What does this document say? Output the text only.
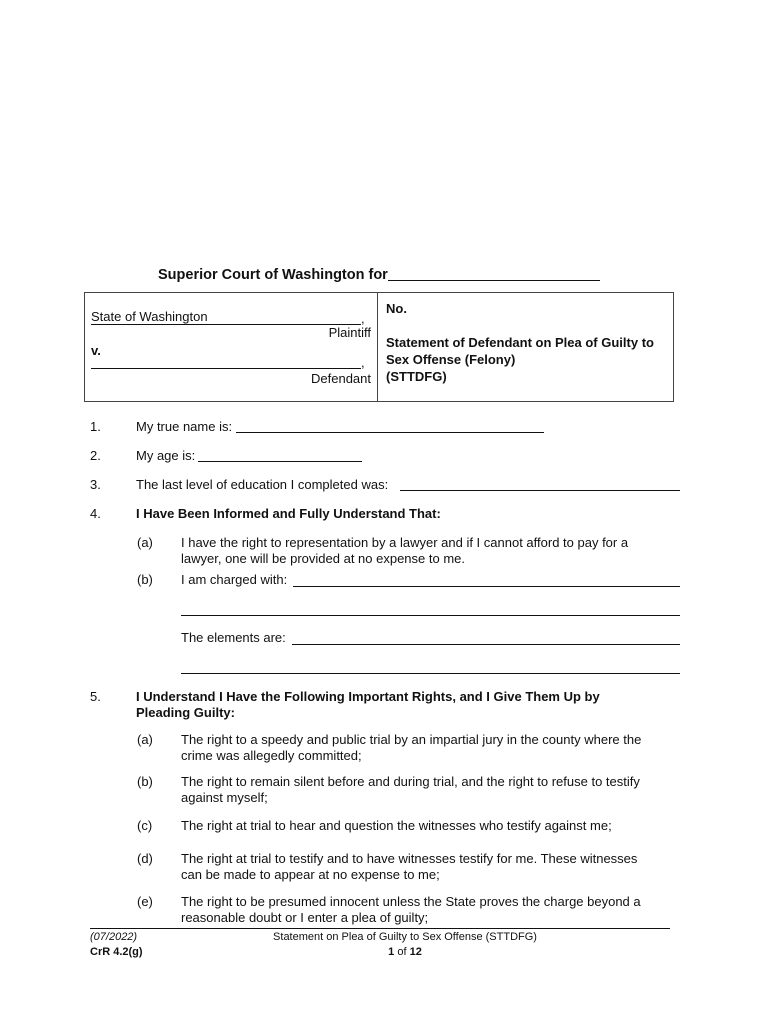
Superior Court of Washington for
State of Washington	,
Plaintiff
v.
,
Defendant
No.
Statement of Defendant on Plea of Guilty to
Sex Offense (Felony)
(STTDFG)
1.	My true name is:
2.	My age is:
3.	The last level of education I completed was:
4.	I Have Been Informed and Fully Understand That:
(a) I have the right to representation by a lawyer and if I cannot afford to pay for a
lawyer, one will be provided at no expense to me.
(b) I am charged with:
The elements are:
5.	I Understand I Have the Following Important Rights, and I Give Them Up by
Pleading Guilty:
(a) The right to a speedy and public trial by an impartial jury in the county where the
crime was allegedly committed;
(b) The right to remain silent before and during trial, and the right to refuse to testify
against myself;
(c) The right at trial to hear and question the witnesses who testify against me;
(d) The right at trial to testify and to have witnesses testify for me. These witnesses
can be made to appear at no expense to me;
(e) The right to be presumed innocent unless the State proves the charge beyond a
reasonable doubt or I enter a plea of guilty;
(07/2022)
CrR 4.2(g)
Statement on Plea of Guilty to Sex Offense (STTDFG)
1 of 12
